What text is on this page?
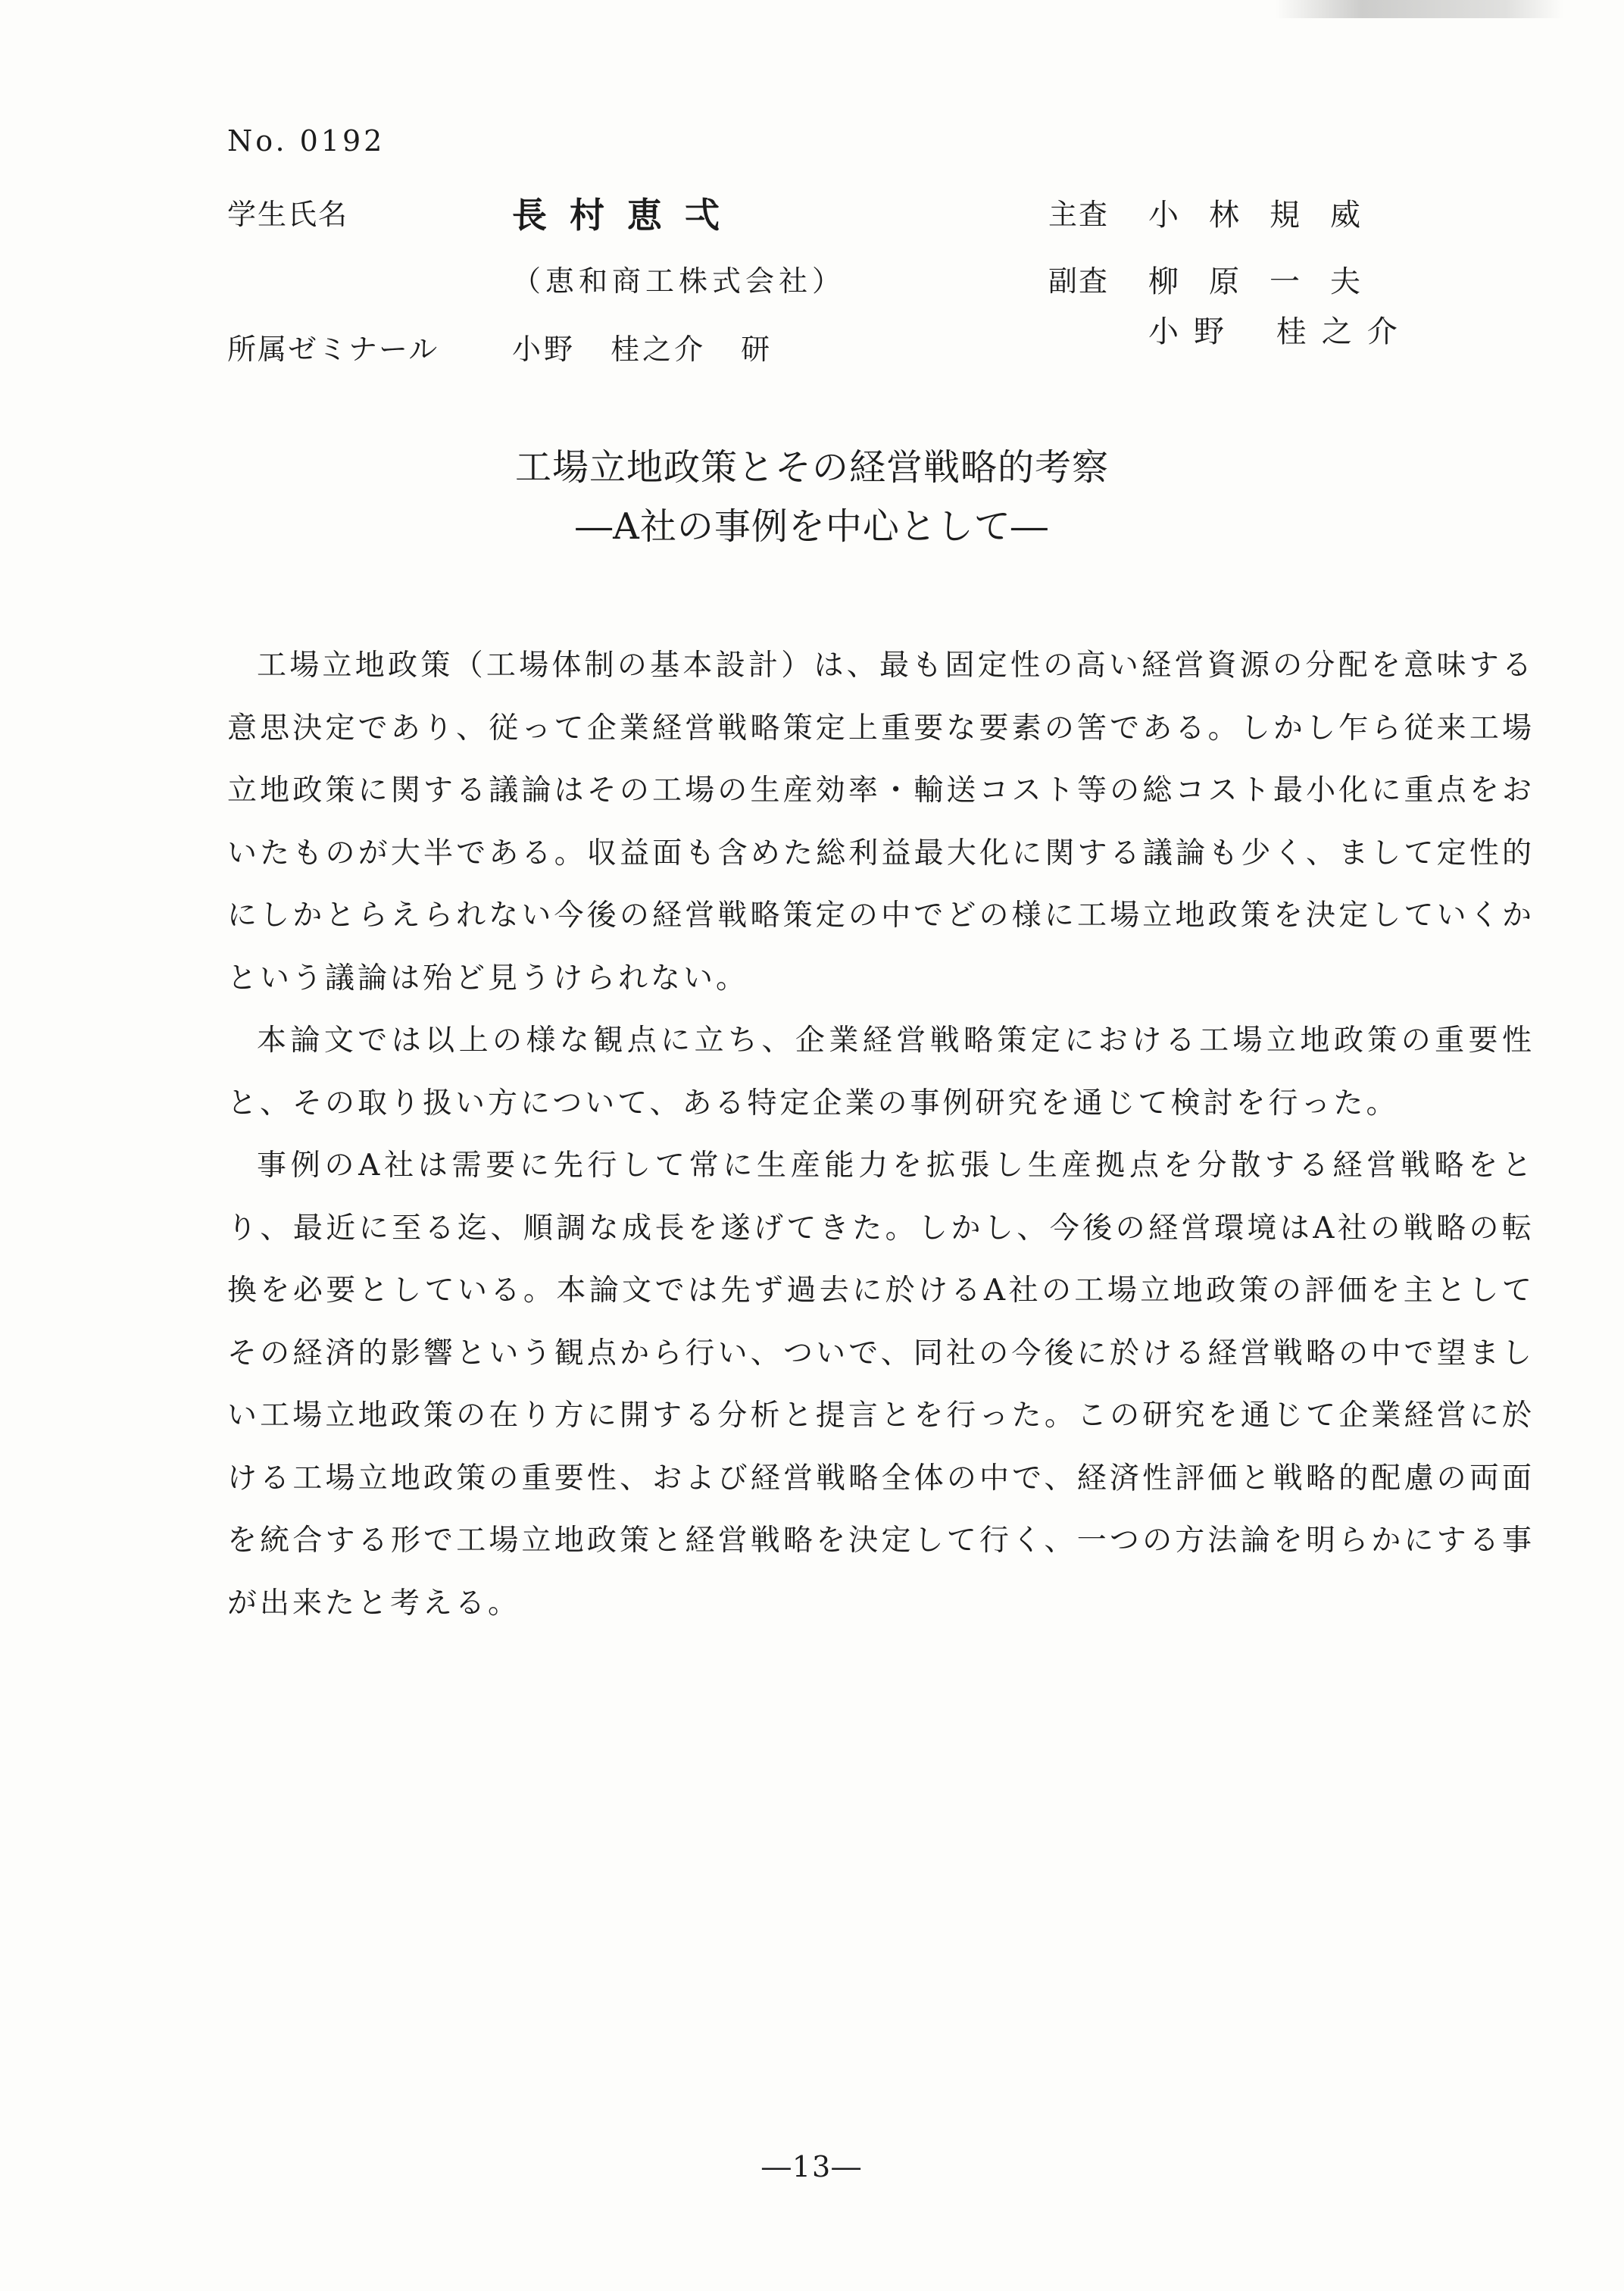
No. 0192
学生氏名	長村恵弌
（恵和商工株式会社）
所属ゼミナール	小野 桂之介 研
主査 小林規威
副査 柳原一夫
小野 桂之介
工場立地政策とその経営戦略的考察
―A社の事例を中心として―

工場立地政策（工場体制の基本設計）は、最も固定性の高い経営資源の分配を意味する意思決定であり、従って企業経営戦略策定上重要な要素の筈である。しかし乍ら従来工場立地政策に関する議論はその工場の生産効率・輸送コスト等の総コスト最小化に重点をおいたものが大半である。収益面も含めた総利益最大化に関する議論も少く、まして定性的にしかとらえられない今後の経営戦略策定の中でどの様に工場立地政策を決定していくかという議論は殆ど見うけられない。

本論文では以上の様な観点に立ち、企業経営戦略策定における工場立地政策の重要性と、その取り扱い方について、ある特定企業の事例研究を通じて検討を行った。

事例のA社は需要に先行して常に生産能力を拡張し生産拠点を分散する経営戦略をとり、最近に至る迄、順調な成長を遂げてきた。しかし、今後の経営環境はA社の戦略の転換を必要としている。本論文では先ず過去に於けるA社の工場立地政策の評価を主としてその経済的影響という観点から行い、ついで、同社の今後に於ける経営戦略の中で望ましい工場立地政策の在り方に開する分析と提言とを行った。この研究を通じて企業経営に於ける工場立地政策の重要性、および経営戦略全体の中で、経済性評価と戦略的配慮の両面を統合する形で工場立地政策と経営戦略を決定して行く、一つの方法論を明らかにする事が出来たと考える。

―13―
